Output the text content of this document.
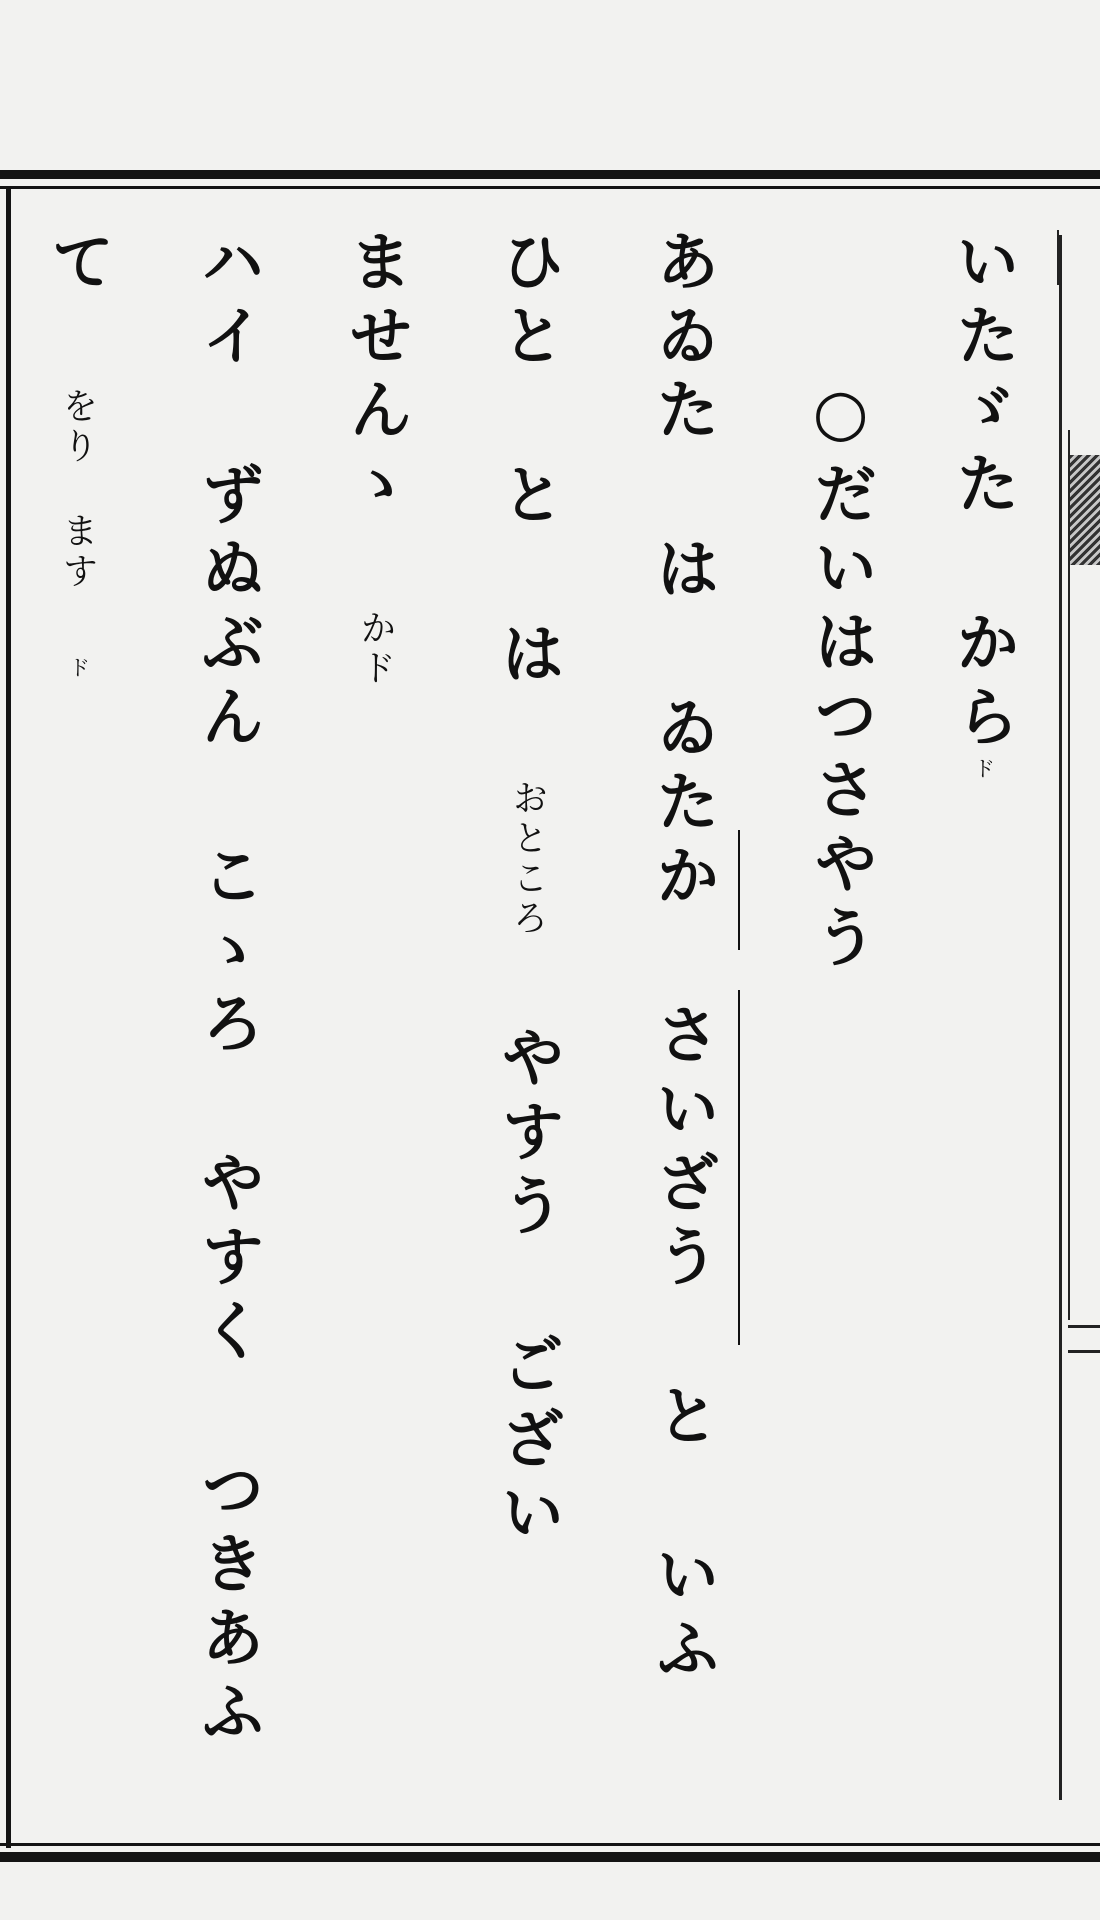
いたゞた からド
○だいはつさやう
あゐた は ゐたか さいざう と いふ
ひと と は おところ やすう ござい
ませんゝ かド
ハイ ずぬぶん こゝろ やすく つきあふ
て をり ます　　ド
